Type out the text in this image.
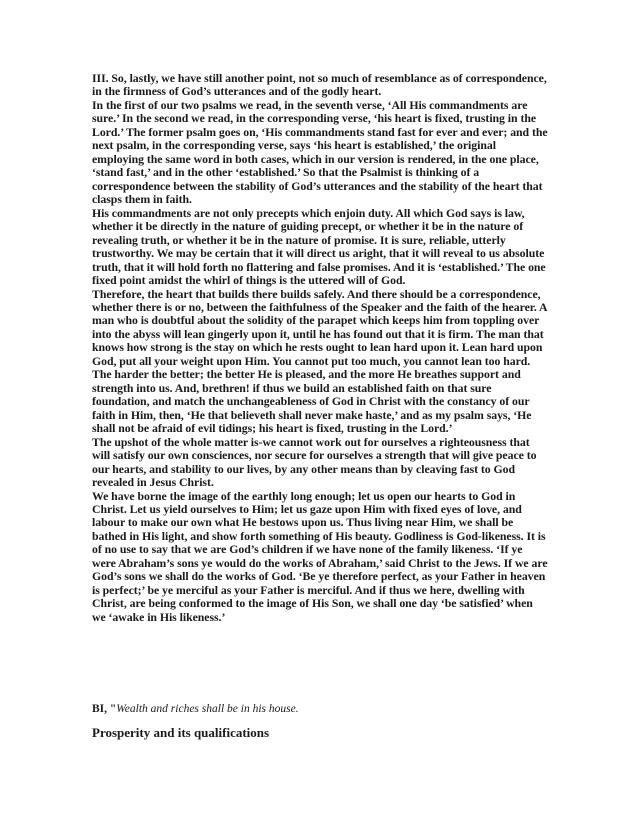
III. So, lastly, we have still another point, not so much of resemblance as of correspondence, in the firmness of God’s utterances and of the godly heart.

In the first of our two psalms we read, in the seventh verse, ‘All His commandments are sure.’ In the second we read, in the corresponding verse, ‘his heart is fixed, trusting in the Lord.’ The former psalm goes on, ‘His commandments stand fast for ever and ever; and the next psalm, in the corresponding verse, says ‘his heart is established,’ the original employing the same word in both cases, which in our version is rendered, in the one place, ‘stand fast,’ and in the other ‘established.’ So that the Psalmist is thinking of a correspondence between the stability of God’s utterances and the stability of the heart that clasps them in faith.

His commandments are not only precepts which enjoin duty. All which God says is law, whether it be directly in the nature of guiding precept, or whether it be in the nature of revealing truth, or whether it be in the nature of promise. It is sure, reliable, utterly trustworthy. We may be certain that it will direct us aright, that it will reveal to us absolute truth, that it will hold forth no flattering and false promises. And it is ‘established.’ The one fixed point amidst the whirl of things is the uttered will of God.

Therefore, the heart that builds there builds safely. And there should be a correspondence, whether there is or no, between the faithfulness of the Speaker and the faith of the hearer. A man who is doubtful about the solidity of the parapet which keeps him from toppling over into the abyss will lean gingerly upon it, until he has found out that it is firm. The man that knows how strong is the stay on which he rests ought to lean hard upon it. Lean hard upon God, put all your weight upon Him. You cannot put too much, you cannot lean too hard. The harder the better; the better He is pleased, and the more He breathes support and strength into us. And, brethren! if thus we build an established faith on that sure foundation, and match the unchangeableness of God in Christ with the constancy of our faith in Him, then, ‘He that believeth shall never make haste,’ and as my psalm says, ‘He shall not be afraid of evil tidings; his heart is fixed, trusting in the Lord.’

The upshot of the whole matter is-we cannot work out for ourselves a righteousness that will satisfy our own consciences, nor secure for ourselves a strength that will give peace to our hearts, and stability to our lives, by any other means than by cleaving fast to God revealed in Jesus Christ.

We have borne the image of the earthly long enough; let us open our hearts to God in Christ. Let us yield ourselves to Him; let us gaze upon Him with fixed eyes of love, and labour to make our own what He bestows upon us. Thus living near Him, we shall be bathed in His light, and show forth something of His beauty. Godliness is God-likeness. It is of no use to say that we are God’s children if we have none of the family likeness. ‘If ye were Abraham’s sons ye would do the works of Abraham,’ said Christ to the Jews. If we are God’s sons we shall do the works of God. ‘Be ye therefore perfect, as your Father in heaven is perfect;’ be ye merciful as your Father is merciful. And if thus we here, dwelling with Christ, are being conformed to the image of His Son, we shall one day ‘be satisfied’ when we ‘awake in His likeness.’

BI, "Wealth and riches shall be in his house.
Prosperity and its qualifications
